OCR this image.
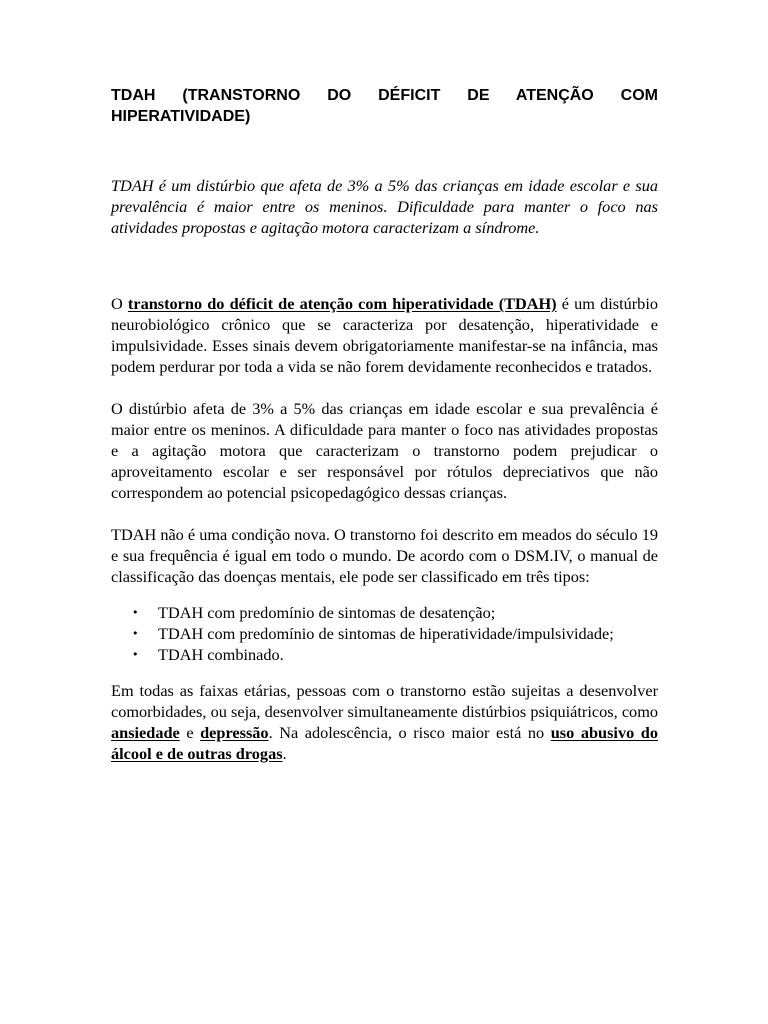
TDAH (TRANSTORNO DO DÉFICIT DE ATENÇÃO COM HIPERATIVIDADE)

TDAH é um distúrbio que afeta de 3% a 5% das crianças em idade escolar e sua prevalência é maior entre os meninos. Dificuldade para manter o foco nas atividades propostas e agitação motora caracterizam a síndrome.

O transtorno do déficit de atenção com hiperatividade (TDAH) é um distúrbio neurobiológico crônico que se caracteriza por desatenção, hiperatividade e impulsividade. Esses sinais devem obrigatoriamente manifestar-se na infância, mas podem perdurar por toda a vida se não forem devidamente reconhecidos e tratados.

O distúrbio afeta de 3% a 5% das crianças em idade escolar e sua prevalência é maior entre os meninos. A dificuldade para manter o foco nas atividades propostas e a agitação motora que caracterizam o transtorno podem prejudicar o aproveitamento escolar e ser responsável por rótulos depreciativos que não correspondem ao potencial psicopedagógico dessas crianças.

TDAH não é uma condição nova. O transtorno foi descrito em meados do século 19 e sua frequência é igual em todo o mundo. De acordo com o DSM.IV, o manual de classificação das doenças mentais, ele pode ser classificado em três tipos:

• TDAH com predomínio de sintomas de desatenção;
• TDAH com predomínio de sintomas de hiperatividade/impulsividade;
• TDAH combinado.

Em todas as faixas etárias, pessoas com o transtorno estão sujeitas a desenvolver comorbidades, ou seja, desenvolver simultaneamente distúrbios psiquiátricos, como ansiedade e depressão. Na adolescência, o risco maior está no uso abusivo do álcool e de outras drogas.
